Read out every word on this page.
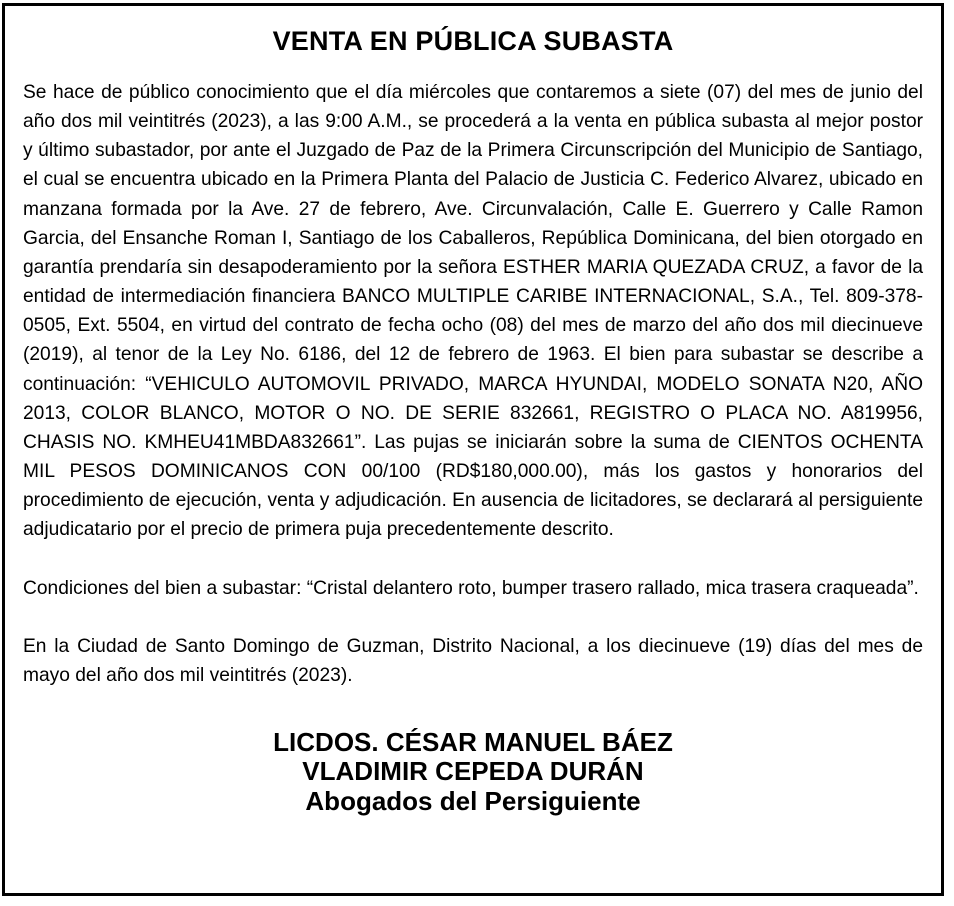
VENTA EN PÚBLICA SUBASTA

Se hace de público conocimiento que el día miércoles que contaremos a siete (07) del mes de junio del año dos mil veintitrés (2023), a las 9:00 A.M., se procederá a la venta en pública subasta al mejor postor y último subastador, por ante el Juzgado de Paz de la Primera Circunscripción del Municipio de Santiago, el cual se encuentra ubicado en la Primera Planta del Palacio de Justicia C. Federico Alvarez, ubicado en manzana formada por la Ave. 27 de febrero, Ave. Circunvalación, Calle E. Guerrero y Calle Ramon Garcia, del Ensanche Roman I, Santiago de los Caballeros, República Dominicana, del bien otorgado en garantía prendaría sin desapoderamiento por la señora ESTHER MARIA QUEZADA CRUZ, a favor de la entidad de intermediación financiera BANCO MULTIPLE CARIBE INTERNACIONAL, S.A., Tel. 809-378-0505, Ext. 5504, en virtud del contrato de fecha ocho (08) del mes de marzo del año dos mil diecinueve (2019), al tenor de la Ley No. 6186, del 12 de febrero de 1963. El bien para subastar se describe a continuación: “VEHICULO AUTOMOVIL PRIVADO, MARCA HYUNDAI, MODELO SONATA N20, AÑO 2013, COLOR BLANCO, MOTOR O NO. DE SERIE 832661, REGISTRO O PLACA NO. A819956, CHASIS NO. KMHEU41MBDA832661”. Las pujas se iniciarán sobre la suma de CIENTOS OCHENTA MIL PESOS DOMINICANOS CON 00/100 (RD$180,000.00), más los gastos y honorarios del procedimiento de ejecución, venta y adjudicación. En ausencia de licitadores, se declarará al persiguiente adjudicatario por el precio de primera puja precedentemente descrito.

Condiciones del bien a subastar: “Cristal delantero roto, bumper trasero rallado, mica trasera craqueada”.

En la Ciudad de Santo Domingo de Guzman, Distrito Nacional, a los diecinueve (19) días del mes de mayo del año dos mil veintitrés (2023).

LICDOS. CÉSAR MANUEL BÁEZ
VLADIMIR CEPEDA DURÁN
Abogados del Persiguiente
